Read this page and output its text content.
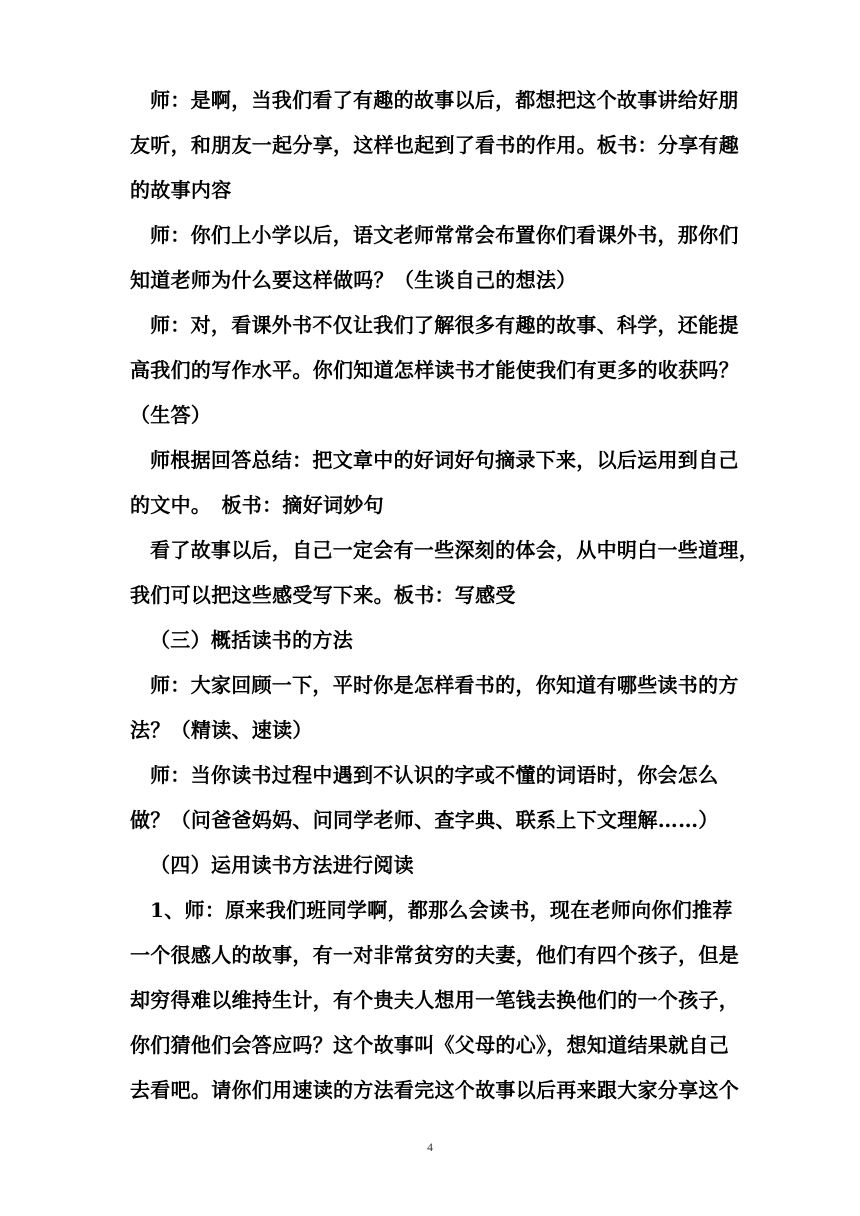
师：是啊，当我们看了有趣的故事以后，都想把这个故事讲给好朋
友听，和朋友一起分享，这样也起到了看书的作用。板书：分享有趣
的故事内容
师：你们上小学以后，语文老师常常会布置你们看课外书，那你们
知道老师为什么要这样做吗？（生谈自己的想法）
师：对，看课外书不仅让我们了解很多有趣的故事、科学，还能提
高我们的写作水平。你们知道怎样读书才能使我们有更多的收获吗？
（生答）
师根据回答总结：把文章中的好词好句摘录下来，以后运用到自己
的文中。　板书：摘好词妙句
看了故事以后，自己一定会有一些深刻的体会，从中明白一些道理，
我们可以把这些感受写下来。板书：写感受
（三）概括读书的方法
师：大家回顾一下，平时你是怎样看书的，你知道有哪些读书的方
法？（精读、速读）
师：当你读书过程中遇到不认识的字或不懂的词语时，你会怎么
做？（问爸爸妈妈、问同学老师、查字典、联系上下文理解……）
（四）运用读书方法进行阅读
1、师：原来我们班同学啊，都那么会读书，现在老师向你们推荐
一个很感人的故事，有一对非常贫穷的夫妻，他们有四个孩子，但是
却穷得难以维持生计，有个贵夫人想用一笔钱去换他们的一个孩子，
你们猜他们会答应吗？这个故事叫《父母的心》，想知道结果就自己
去看吧。请你们用速读的方法看完这个故事以后再来跟大家分享这个
4
